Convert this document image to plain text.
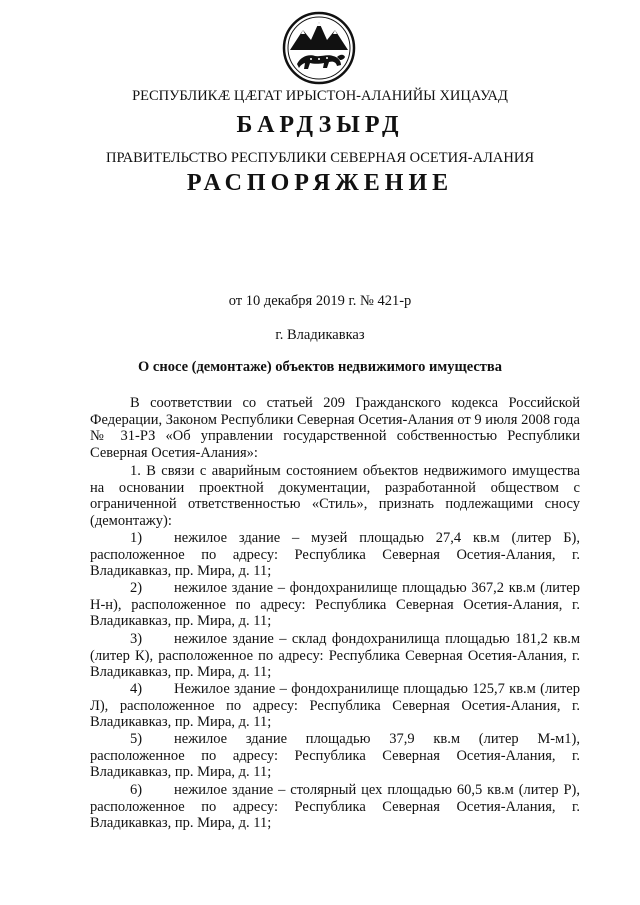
РЕСПУБЛИКӔ ЦӔГАТ ИРЫСТОН-АЛАНИЙЫ ХИЦАУАД
БАРДЗЫРД
ПРАВИТЕЛЬСТВО РЕСПУБЛИКИ СЕВЕРНАЯ ОСЕТИЯ-АЛАНИЯ
РАСПОРЯЖЕНИЕ
от 10 декабря 2019 г. № 421-р
г. Владикавказ
О сносе (демонтаже) объектов недвижимого имущества

В соответствии со статьей 209 Гражданского кодекса Российской Федерации, Законом Республики Северная Осетия-Алания от 9 июля 2008 года № 31-РЗ «Об управлении государственной собственностью Республики Северная Осетия-Алания»:

1. В связи с аварийным состоянием объектов недвижимого имущества на основании проектной документации, разработанной обществом с ограниченной ответственностью «Стиль», признать подлежащими сносу (демонтажу):

1) нежилое здание – музей площадью 27,4 кв.м (литер Б), расположенное по адресу: Республика Северная Осетия-Алания, г. Владикавказ, пр. Мира, д. 11;
2) нежилое здание – фондохранилище площадью 367,2 кв.м (литер Н-н), расположенное по адресу: Республика Северная Осетия-Алания, г. Владикавказ, пр. Мира, д. 11;
3) нежилое здание – склад фондохранилища площадью 181,2 кв.м (литер К), расположенное по адресу: Республика Северная Осетия-Алания, г. Владикавказ, пр. Мира, д. 11;
4) Нежилое здание – фондохранилище площадью 125,7 кв.м (литер Л), расположенное по адресу: Республика Северная Осетия-Алания, г. Владикавказ, пр. Мира, д. 11;
5) нежилое здание площадью 37,9 кв.м (литер М-м1), расположенное по адресу: Республика Северная Осетия-Алания, г. Владикавказ, пр. Мира, д. 11;
6) нежилое здание – столярный цех площадью 60,5 кв.м (литер Р), расположенное по адресу: Республика Северная Осетия-Алания, г. Владикавказ, пр. Мира, д. 11;
